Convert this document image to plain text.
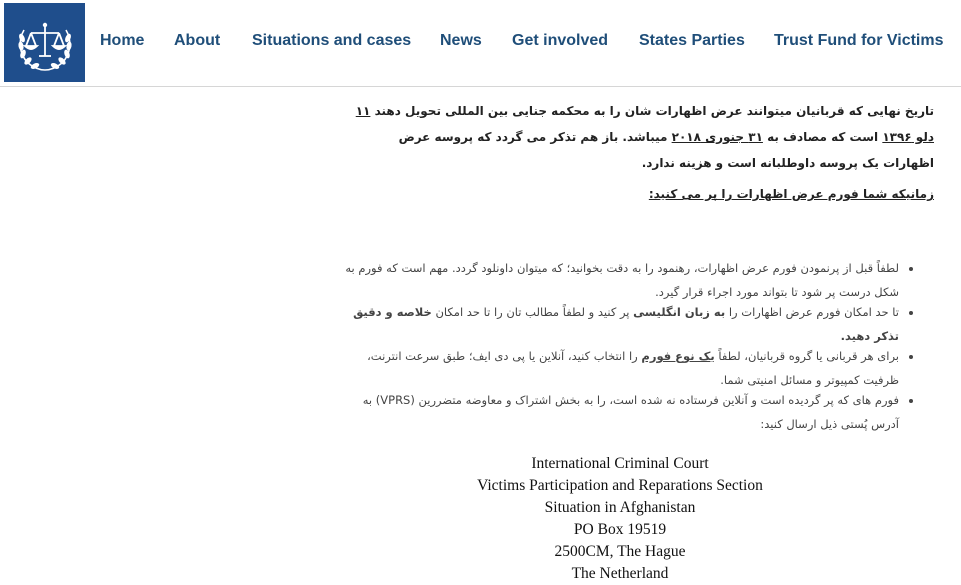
Home About Situations and cases News Get involved States Parties Trust Fund for Victims
تاریخ نهایی که قربانیان میتوانند عرض اظهارات شان را به محکمه جنایی بین المللی تحویل دهند ۱۱ دلو ۱۳۹۶ است که مصادف به ۳۱ جنوری ۲۰۱۸ میباشد. باز هم تذکر می گردد که پروسه عرض اظهارات یک پروسه داوطلبانه است و هزینه ندارد.
زمانیکه شما فورم عرض اظهارات را پر می کنید:
• لطفاً قبل از پرنمودن فورم عرض اظهارات، رهنمود را به دقت بخوانید؛ که میتوان داونلود گردد. مهم است که فورم به شکل درست پر شود تا بتواند مورد اجراء قرار گیرد.
• تا حد امکان فورم عرض اظهارات را به زبان انگلیسی پر کنید و لطفاً مطالب تان را تا حد امکان خلاصه و دقیق تذکر دهید.
• برای هر قربانی یا گروه قربانیان، لطفاً یک نوع فورم را انتخاب کنید، آنلاین یا پی دی ایف؛ طبق سرعت انترنت، ظرفیت کمپیوتر و مسائل امنیتی شما.
• فورم های که پر گردیده است و آنلاین فرستاده نه شده است، را به بخش اشتراک و معاوضه متضررین (VPRS) به آدرس پُستی ذیل ارسال کنید:
International Criminal Court
Victims Participation and Reparations Section
Situation in Afghanistan
PO Box 19519
2500CM, The Hague
The Netherland
